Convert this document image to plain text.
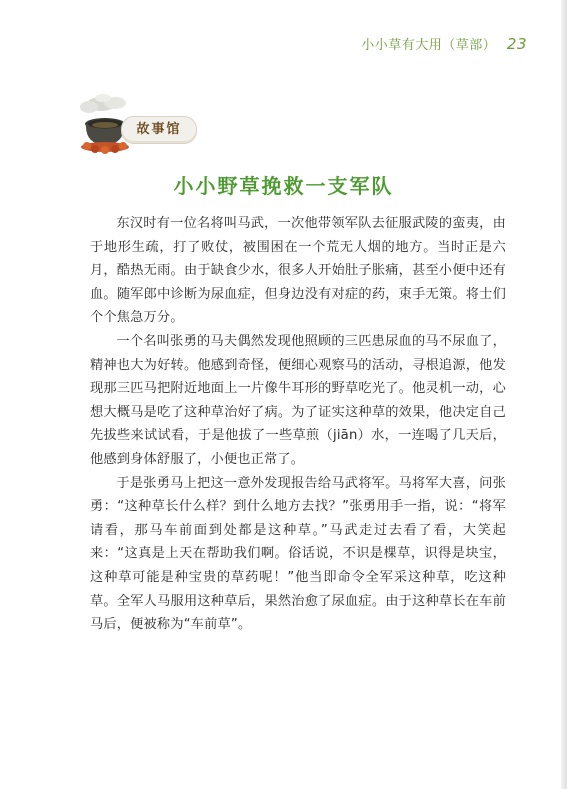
小小草有大用（草部） 23
故事馆
小小野草挽救一支军队

东汉时有一位名将叫马武，一次他带领军队去征服武陵的蛮夷，由于地形生疏，打了败仗，被围困在一个荒无人烟的地方。当时正是六月，酷热无雨。由于缺食少水，很多人开始肚子胀痛，甚至小便中还有血。随军郎中诊断为尿血症，但身边没有对症的药，束手无策。将士们个个焦急万分。

一个名叫张勇的马夫偶然发现他照顾的三匹患尿血的马不尿血了，精神也大为好转。他感到奇怪，便细心观察马的活动，寻根追源，他发现那三匹马把附近地面上一片像牛耳形的野草吃光了。他灵机一动，心想大概马是吃了这种草治好了病。为了证实这种草的效果，他决定自己先拔些来试试看，于是他拔了一些草煎（jiān）水，一连喝了几天后，他感到身体舒服了，小便也正常了。

于是张勇马上把这一意外发现报告给马武将军。马将军大喜，问张勇：“这种草长什么样？到什么地方去找？”张勇用手一指，说：“将军请看，那马车前面到处都是这种草。”马武走过去看了看，大笑起来：“这真是上天在帮助我们啊。俗话说，不识是棵草，识得是块宝，这种草可能是种宝贵的草药呢！”他当即命令全军采这种草，吃这种草。全军人马服用这种草后，果然治愈了尿血症。由于这种草长在车前马后，便被称为“车前草”。
